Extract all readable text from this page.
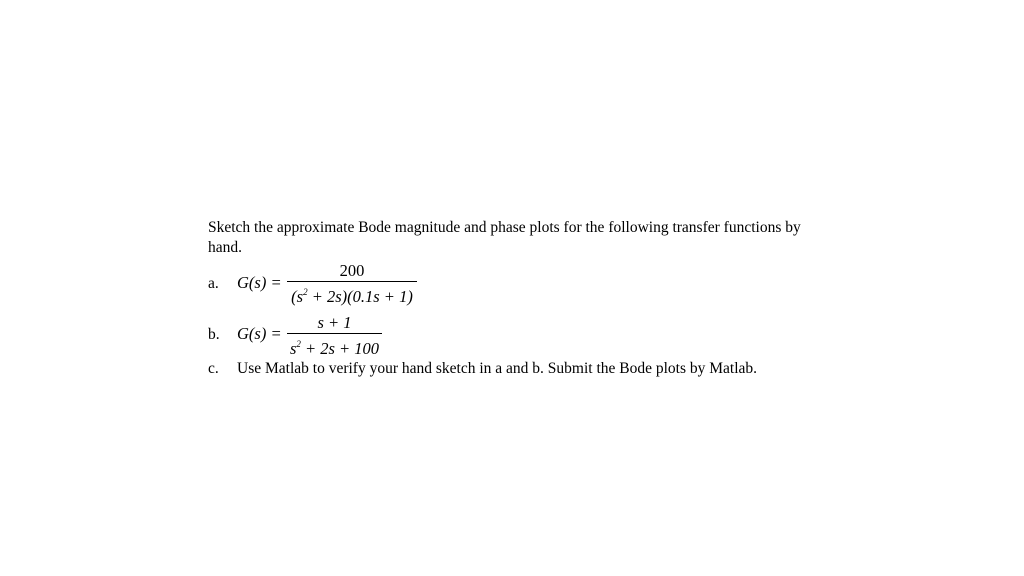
Sketch the approximate Bode magnitude and phase plots for the following transfer functions by
hand.
a. G(s) =
200
$(s^2 + 2s)(0.1s + 1)$
b. G(s) =
s + 1
$s^2 + 2s + 100$
c. Use Matlab to verify your hand sketch in a and b. Submit the Bode plots by Matlab.
